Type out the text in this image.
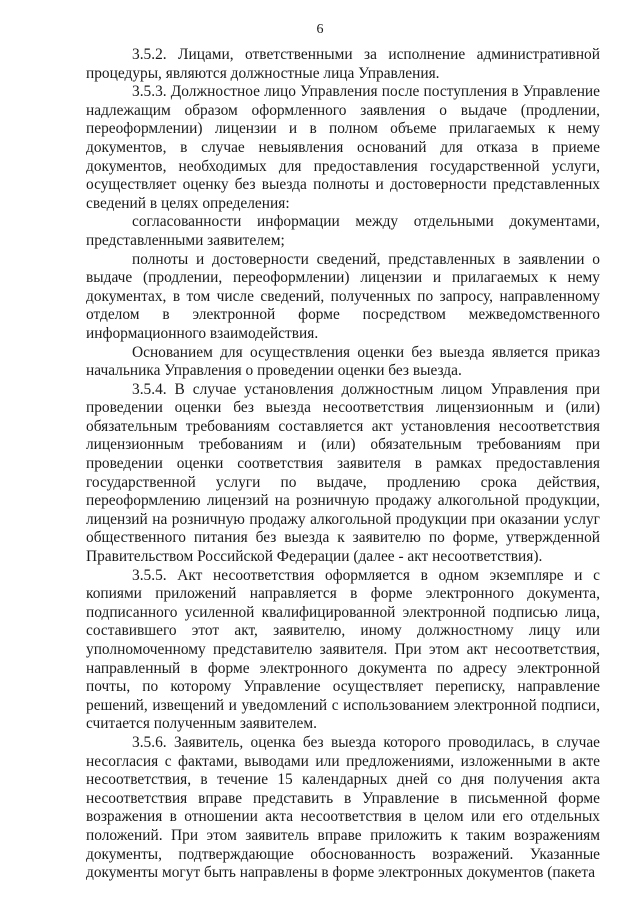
6

3.5.2. Лицами, ответственными за исполнение административной процедуры, являются должностные лица Управления.

3.5.3. Должностное лицо Управления после поступления в Управление надлежащим образом оформленного заявления о выдаче (продлении, переоформлении) лицензии и в полном объеме прилагаемых к нему документов, в случае невыявления оснований для отказа в приеме документов, необходимых для предоставления государственной услуги, осуществляет оценку без выезда полноты и достоверности представленных сведений в целях определения:

согласованности информации между отдельными документами, представленными заявителем;

полноты и достоверности сведений, представленных в заявлении о выдаче (продлении, переоформлении) лицензии и прилагаемых к нему документах, в том числе сведений, полученных по запросу, направленному отделом в электронной форме посредством межведомственного информационного взаимодействия.

Основанием для осуществления оценки без выезда является приказ начальника Управления о проведении оценки без выезда.

3.5.4. В случае установления должностным лицом Управления при проведении оценки без выезда несоответствия лицензионным и (или) обязательным требованиям составляется акт установления несоответствия лицензионным требованиям и (или) обязательным требованиям при проведении оценки соответствия заявителя в рамках предоставления государственной услуги по выдаче, продлению срока действия, переоформлению лицензий на розничную продажу алкогольной продукции, лицензий на розничную продажу алкогольной продукции при оказании услуг общественного питания без выезда к заявителю по форме, утвержденной Правительством Российской Федерации (далее - акт несоответствия).

3.5.5. Акт несоответствия оформляется в одном экземпляре и с копиями приложений направляется в форме электронного документа, подписанного усиленной квалифицированной электронной подписью лица, составившего этот акт, заявителю, иному должностному лицу или уполномоченному представителю заявителя. При этом акт несоответствия, направленный в форме электронного документа по адресу электронной почты, по которому Управление осуществляет переписку, направление решений, извещений и уведомлений с использованием электронной подписи, считается полученным заявителем.

3.5.6. Заявитель, оценка без выезда которого проводилась, в случае несогласия с фактами, выводами или предложениями, изложенными в акте несоответствия, в течение 15 календарных дней со дня получения акта несоответствия вправе представить в Управление в письменной форме возражения в отношении акта несоответствия в целом или его отдельных положений. При этом заявитель вправе приложить к таким возражениям документы, подтверждающие обоснованность возражений. Указанные документы могут быть направлены в форме электронных документов (пакета
